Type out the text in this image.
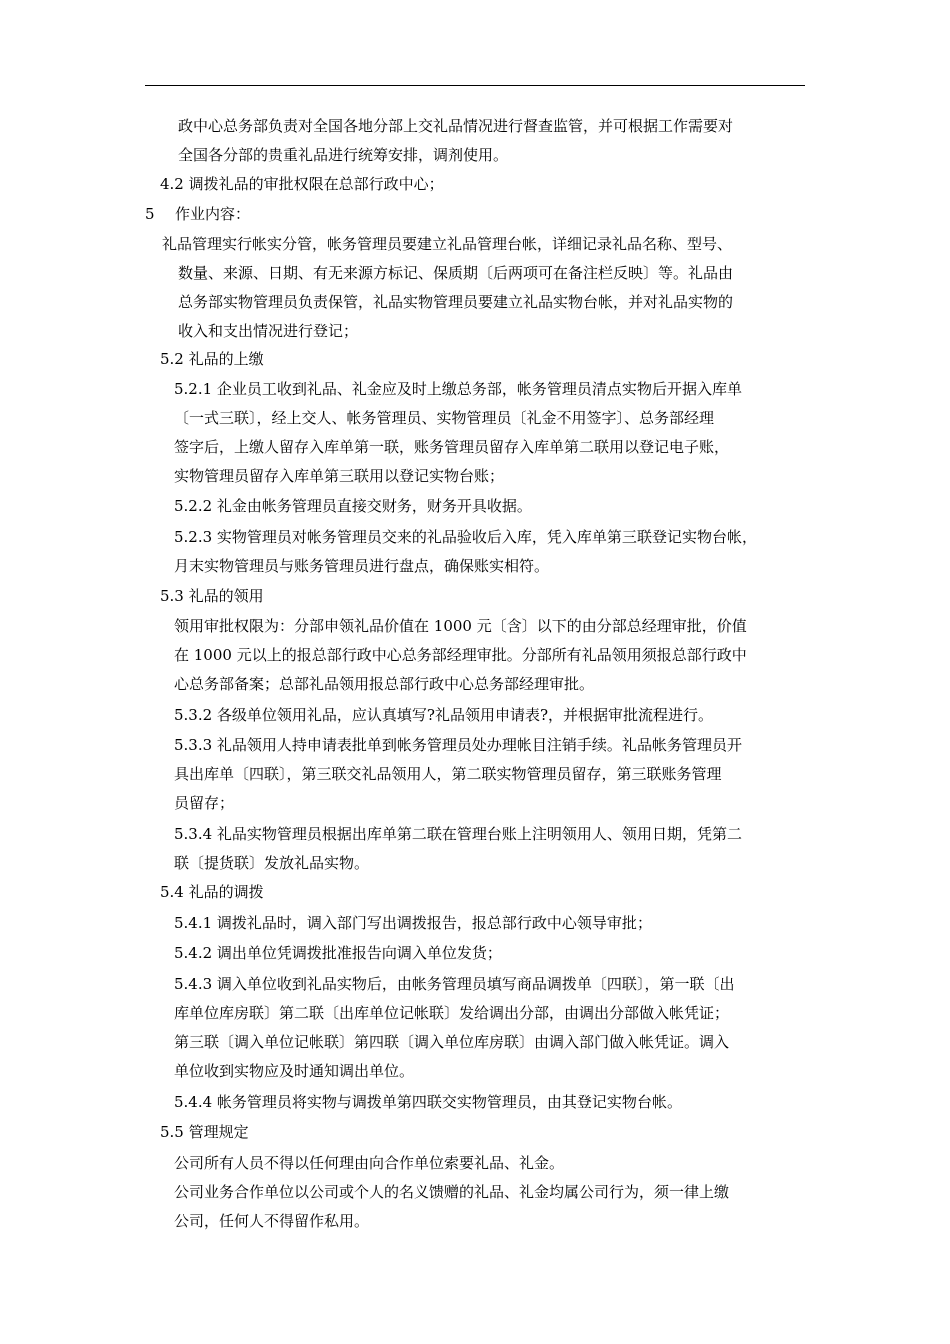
政中心总务部负责对全国各地分部上交礼品情况进行督查监管，并可根据工作需要对
全国各分部的贵重礼品进行统筹安排，调剂使用。
4.2 调拨礼品的审批权限在总部行政中心；
5 作业内容：
礼品管理实行帐实分管，帐务管理员要建立礼品管理台帐，详细记录礼品名称、型号、
数量、来源、日期、有无来源方标记、保质期〔后两项可在备注栏反映〕等。礼品由
总务部实物管理员负责保管，礼品实物管理员要建立礼品实物台帐，并对礼品实物的
收入和支出情况进行登记；
5.2 礼品的上缴
5.2.1 企业员工收到礼品、礼金应及时上缴总务部，帐务管理员清点实物后开据入库单
〔一式三联〕，经上交人、帐务管理员、实物管理员〔礼金不用签字〕、总务部经理
签字后，上缴人留存入库单第一联，账务管理员留存入库单第二联用以登记电子账，
实物管理员留存入库单第三联用以登记实物台账；
5.2.2 礼金由帐务管理员直接交财务，财务开具收据。
5.2.3 实物管理员对帐务管理员交来的礼品验收后入库，凭入库单第三联登记实物台帐，
月末实物管理员与账务管理员进行盘点，确保账实相符。
5.3 礼品的领用
领用审批权限为：分部申领礼品价值在 1000 元〔含〕以下的由分部总经理审批，价值
在 1000 元以上的报总部行政中心总务部经理审批。分部所有礼品领用须报总部行政中
心总务部备案；总部礼品领用报总部行政中心总务部经理审批。
5.3.2 各级单位领用礼品，应认真填写?礼品领用申请表?，并根据审批流程进行。
5.3.3 礼品领用人持申请表批单到帐务管理员处办理帐目注销手续。礼品帐务管理员开
具出库单〔四联〕，第三联交礼品领用人，第二联实物管理员留存，第三联账务管理
员留存；
5.3.4 礼品实物管理员根据出库单第二联在管理台账上注明领用人、领用日期，凭第二
联〔提货联〕发放礼品实物。
5.4 礼品的调拨
5.4.1 调拨礼品时，调入部门写出调拨报告，报总部行政中心领导审批；
5.4.2 调出单位凭调拨批准报告向调入单位发货；
5.4.3 调入单位收到礼品实物后，由帐务管理员填写商品调拨单〔四联〕，第一联〔出
库单位库房联〕第二联〔出库单位记帐联〕发给调出分部，由调出分部做入帐凭证；
第三联〔调入单位记帐联〕第四联〔调入单位库房联〕由调入部门做入帐凭证。调入
单位收到实物应及时通知调出单位。
5.4.4 帐务管理员将实物与调拨单第四联交实物管理员，由其登记实物台帐。
5.5 管理规定
公司所有人员不得以任何理由向合作单位索要礼品、礼金。
公司业务合作单位以公司或个人的名义馈赠的礼品、礼金均属公司行为，须一律上缴
公司，任何人不得留作私用。
